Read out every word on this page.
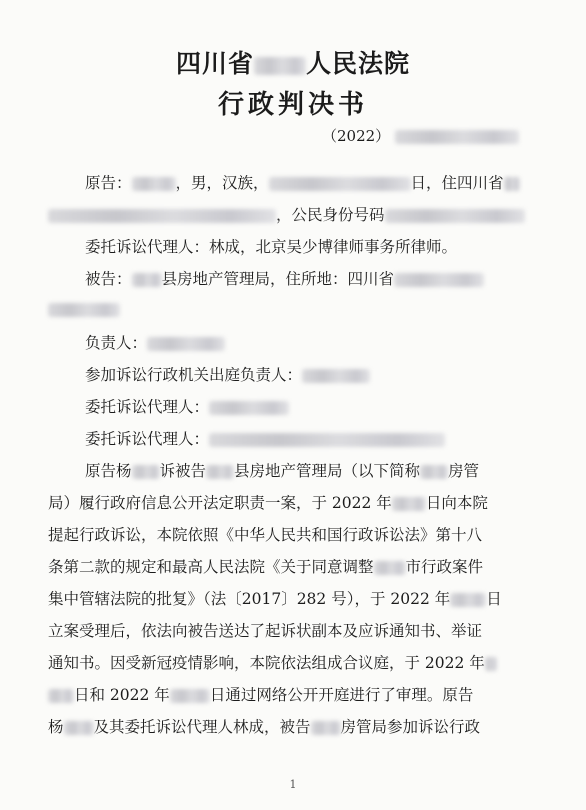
四川省 人民法院
行政判决书
（2022）
原告：	，男，汉族，	日，住四川省
，公民身份号码
委托诉讼代理人：林成，北京吴少博律师事务所律师。
被告： 县房地产管理局，住所地：四川省
负责人：
参加诉讼行政机关出庭负责人：
委托诉讼代理人：
委托诉讼代理人：
原告杨 诉被告 县房地产管理局（以下简称 房管
局）履行政府信息公开法定职责一案，于 2022 年 日向本院
提起行政诉讼，本院依照《中华人民共和国行政诉讼法》第十八
条第二款的规定和最高人民法院《关于同意调整 市行政案件
集中管辖法院的批复》（法〔2017〕282 号），于 2022 年 日
立案受理后，依法向被告送达了起诉状副本及应诉通知书、举证
通知书。因受新冠疫情影响，本院依法组成合议庭，于 2022 年
日和 2022 年	日通过网络公开开庭进行了审理。原告
杨 及其委托诉讼代理人林成，被告 房管局参加诉讼行政
1
